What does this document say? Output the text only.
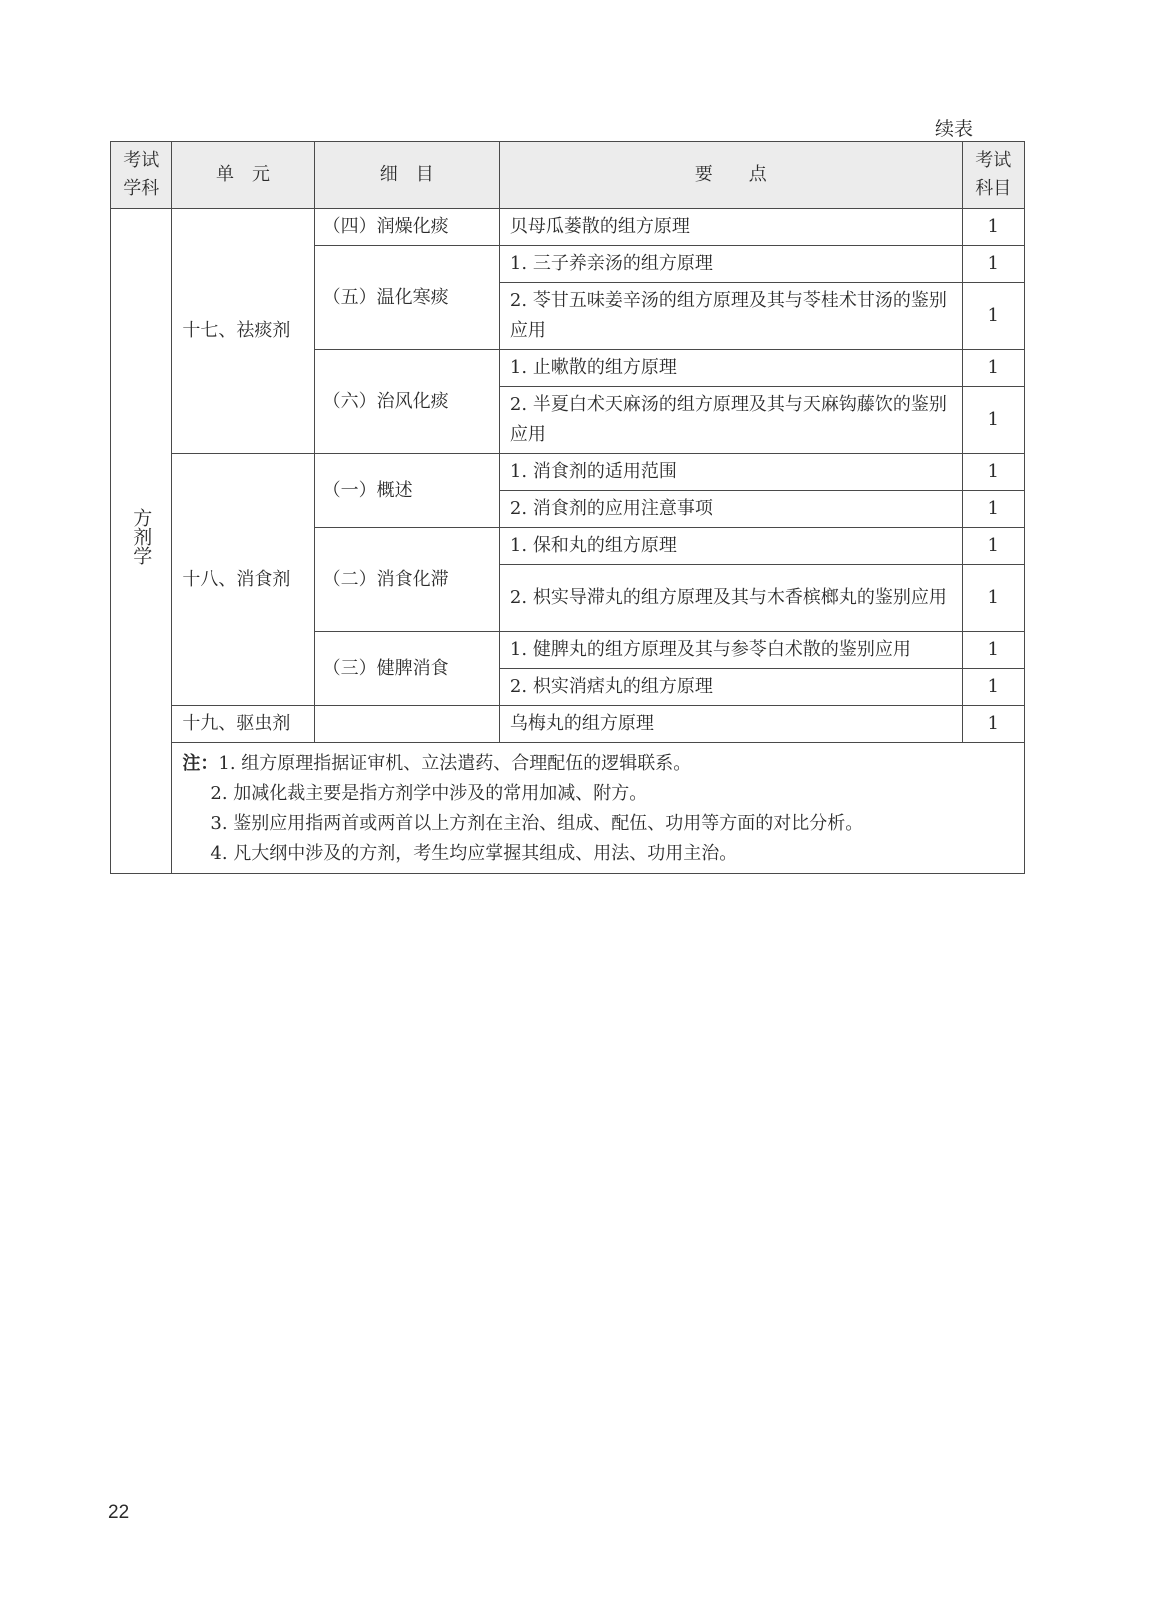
续表
考试学科	单　元	细　目	要　　点	考试科目
方剂学	十七、祛痰剂	（四）润燥化痰	贝母瓜蒌散的组方原理	1
		（五）温化寒痰	1. 三子养亲汤的组方原理	1
			2. 苓甘五味姜辛汤的组方原理及其与苓桂术甘汤的鉴别应用	1
		（六）治风化痰	1. 止嗽散的组方原理	1
			2. 半夏白术天麻汤的组方原理及其与天麻钩藤饮的鉴别应用	1
	十八、消食剂	（一）概述	1. 消食剂的适用范围	1
			2. 消食剂的应用注意事项	1
		（二）消食化滞	1. 保和丸的组方原理	1
			2. 枳实导滞丸的组方原理及其与木香槟榔丸的鉴别应用	1
		（三）健脾消食	1. 健脾丸的组方原理及其与参苓白术散的鉴别应用	1
			2. 枳实消痞丸的组方原理	1
	十九、驱虫剂		乌梅丸的组方原理	1

	注：1. 组方原理指据证审机、立法遣药、合理配伍的逻辑联系。
2. 加减化裁主要是指方剂学中涉及的常用加减、附方。
3. 鉴别应用指两首或两首以上方剂在主治、组成、配伍、功用等方面的对比分析。
4. 凡大纲中涉及的方剂，考生均应掌握其组成、用法、功用主治。			
22
